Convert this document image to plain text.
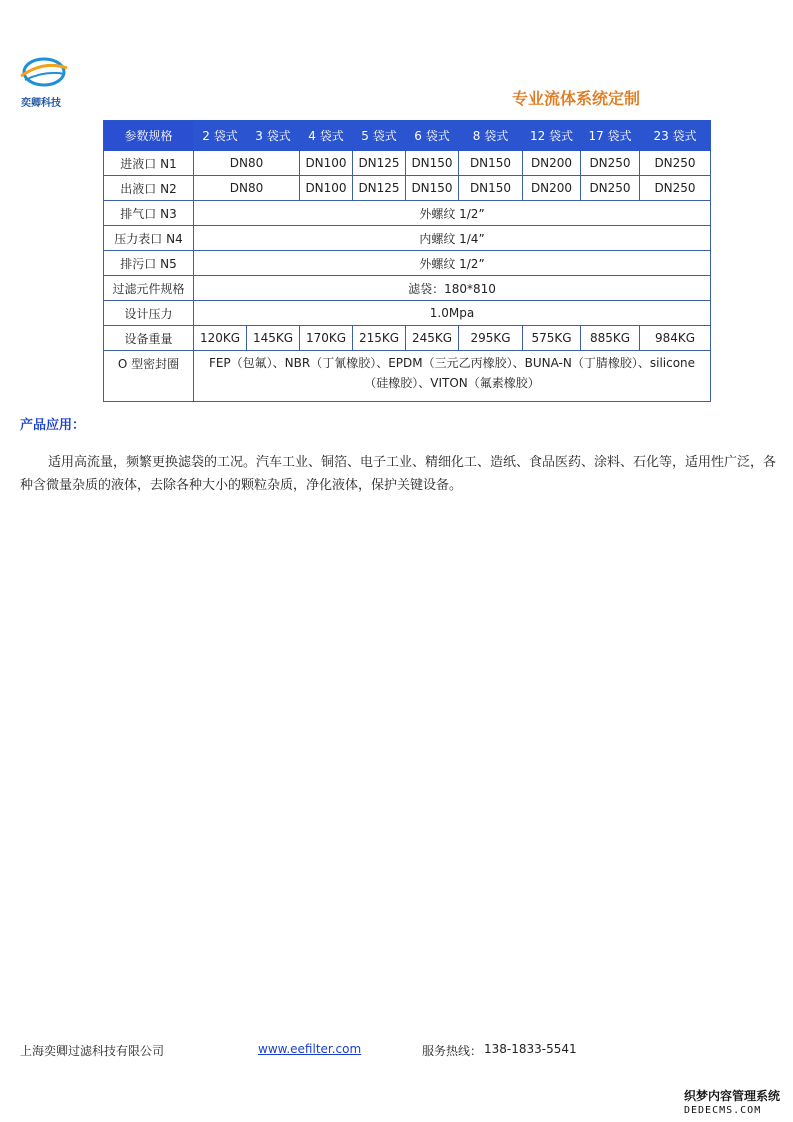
奕卿科技	专业流体系统定制
参数规格	2 袋式	3 袋式	4 袋式	5 袋式	6 袋式	8 袋式	12 袋式	17 袋式	23 袋式
进液口 N1	DN80		DN100	DN125	DN150	DN150	DN200	DN250	DN250
出液口 N2	DN80		DN100	DN125	DN150	DN150	DN200	DN250	DN250
排气口 N3	外螺纹 1/2”								
压力表口 N4	内螺纹 1/4”								
排污口 N5	外螺纹 1/2”								
过滤元件规格	滤袋：180*810								
设计压力	1.0Mpa								
设备重量	120KG	145KG	170KG	215KG	245KG	295KG	575KG	885KG	984KG
O 型密封圈	FEP（包氟）、NBR（丁氰橡胶）、EPDM（三元乙丙橡胶）、BUNA-N（丁腈橡胶）、silicone（硅橡胶）、VITON（氟素橡胶）								
产品应用：
适用高流量，频繁更换滤袋的工况。汽车工业、铜箔、电子工业、精细化工、造纸、食品医药、涂料、石化等，适用性广泛，各种含微量杂质的液体，去除各种大小的颗粒杂质，净化液体，保护关键设备。
上海奕卿过滤科技有限公司	www.eefilter.com	服务热线： 138-1833-5541
织梦内容管理系统
DEDECMS.COM
